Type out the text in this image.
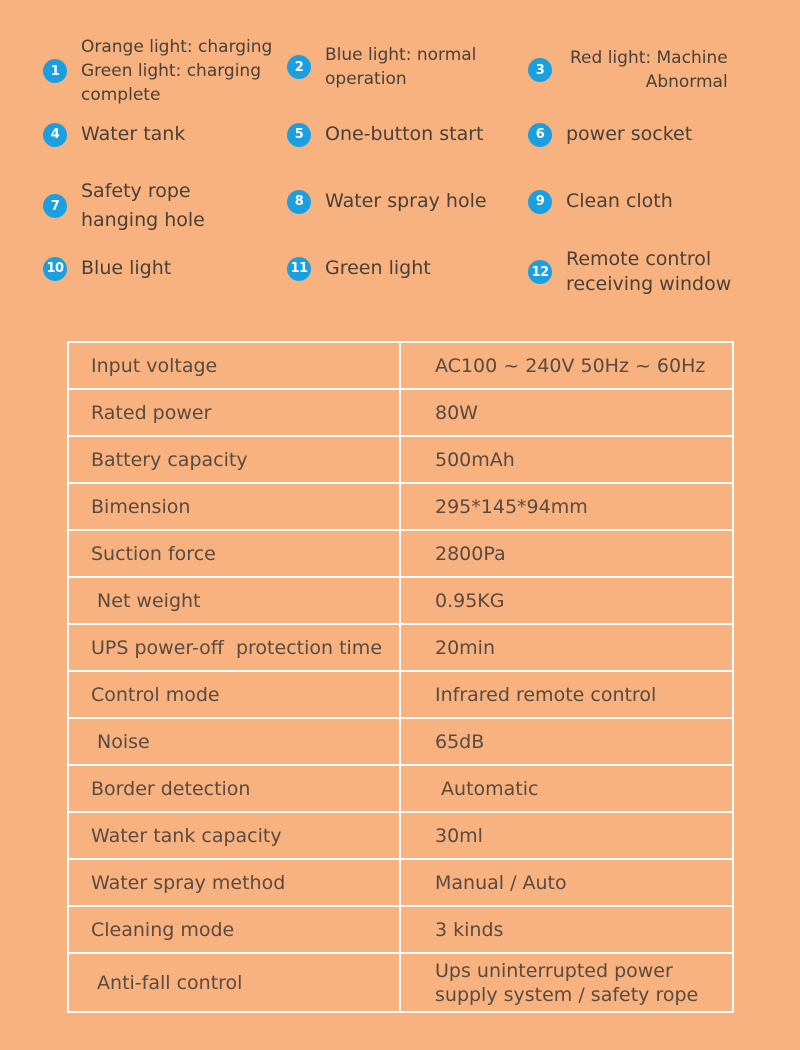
1
Orange light: charging
Green light: charging
complete
2
Blue light: normal
operation	3
Red light: Machine
Abnormal
4	Water tank	5	One-button start	6	power socket
7
Safety rope
hanging hole
8	Water spray hole	9	Clean cloth
10 Blue light	11 Green light	12
Remote control
receiving window
Input voltage	AC100 ~ 240V 50Hz ~ 60Hz
Rated power	80W
Battery capacity	500mAh
Bimension	295*145*94mm
Suction force	2800Pa
Net weight	0.95KG
UPS power-off  protection time	20min
Control mode	Infrared remote control
Noise	65dB
Border detection	Automatic
Water tank capacity	30ml
Water spray method	Manual / Auto
Cleaning mode	3 kinds
Anti-fall control
Ups uninterrupted power
supply system / safety rope
